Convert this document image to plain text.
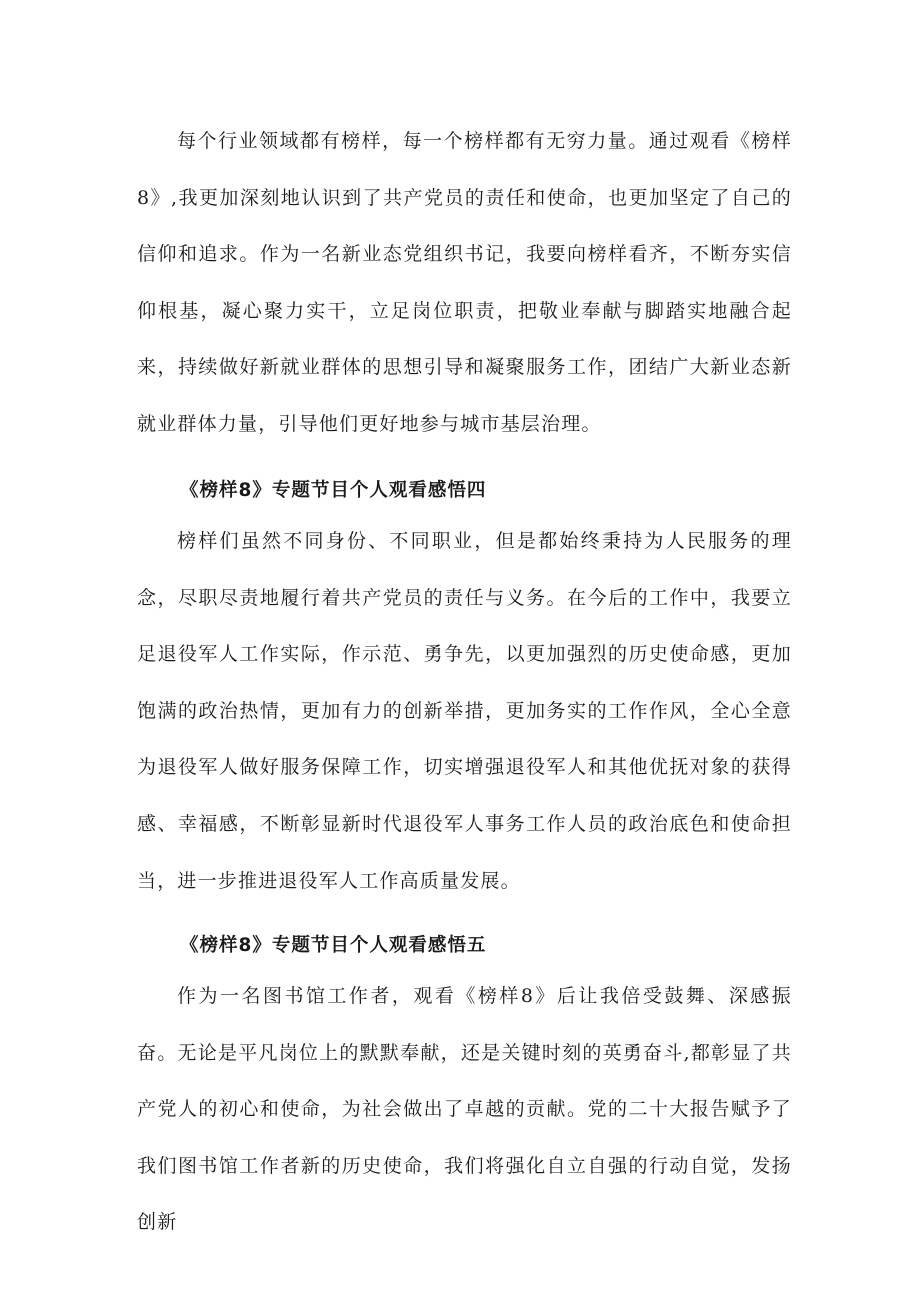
每个行业领域都有榜样，每一个榜样都有无穷力量。通过观看《榜样8》,我更加深刻地认识到了共产党员的责任和使命，也更加坚定了自己的信仰和追求。作为一名新业态党组织书记，我要向榜样看齐，不断夯实信仰根基，凝心聚力实干，立足岗位职责，把敬业奉献与脚踏实地融合起来，持续做好新就业群体的思想引导和凝聚服务工作，团结广大新业态新就业群体力量，引导他们更好地参与城市基层治理。

《榜样8》专题节目个人观看感悟四

榜样们虽然不同身份、不同职业，但是都始终秉持为人民服务的理念，尽职尽责地履行着共产党员的责任与义务。在今后的工作中，我要立足退役军人工作实际，作示范、勇争先，以更加强烈的历史使命感，更加饱满的政治热情，更加有力的创新举措，更加务实的工作作风，全心全意为退役军人做好服务保障工作，切实增强退役军人和其他优抚对象的获得感、幸福感，不断彰显新时代退役军人事务工作人员的政治底色和使命担当，进一步推进退役军人工作高质量发展。

《榜样8》专题节目个人观看感悟五

作为一名图书馆工作者，观看《榜样8》后让我倍受鼓舞、深感振奋。无论是平凡岗位上的默默奉献，还是关键时刻的英勇奋斗,都彰显了共产党人的初心和使命，为社会做出了卓越的贡献。党的二十大报告赋予了我们图书馆工作者新的历史使命，我们将强化自立自强的行动自觉，发扬创新
